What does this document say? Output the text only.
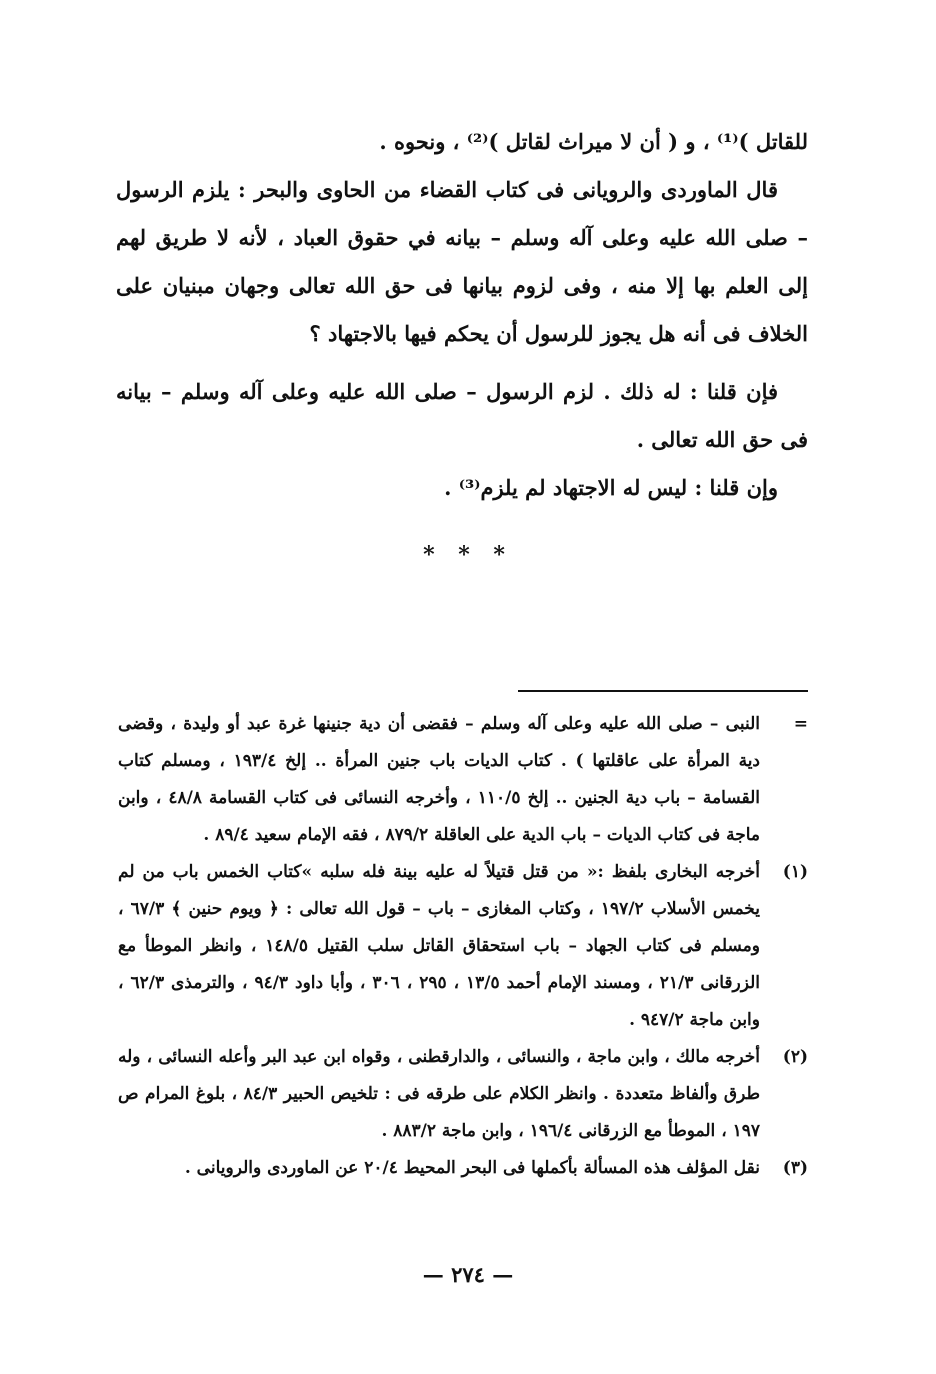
للقاتل )⁽¹⁾ ، و ( أن لا ميراث لقاتل )⁽²⁾ ، ونحوه .

قال الماوردى والرويانى فى كتاب القضاء من الحاوى والبحر : يلزم الرسول – صلى الله عليه وعلى آله وسلم – بيانه في حقوق العباد ، لأنه لا طريق لهم إلى العلم بها إلا منه ، وفى لزوم بيانها فى حق الله تعالى وجهان مبنيان على الخلاف فى أنه هل يجوز للرسول أن يحكم فيها بالاجتهاد ؟

فإن قلنا : له ذلك . لزم الرسول – صلى الله عليه وعلى آله وسلم – بيانه فى حق الله تعالى .

وإن قلنا : ليس له الاجتهاد لم يلزم⁽³⁾ .

* * *
=
النبى – صلى الله عليه وعلى آله وسلم – فقضى أن دية جنينها غرة عبد أو وليدة ، وقضى دية المرأة على عاقلتها ) . كتاب الديات باب جنين المرأة .. إلخ ١٩٣/٤ ، ومسلم كتاب القسامة – باب دية الجنين .. إلخ ١١٠/٥ ، وأخرجه النسائى فى كتاب القسامة ٤٨/٨ ، وابن ماجة فى كتاب الديات – باب الدية على العاقلة ٨٧٩/٢ ، فقه الإمام سعيد ٨٩/٤ .
(١)
أخرجه البخارى بلفظ :« من قتل قتيلاً له عليه بينة فله سلبه »كتاب الخمس باب من لم يخمس الأسلاب ١٩٧/٢ ، وكتاب المغازى – باب – قول الله تعالى : ﴿ ويوم حنين ﴾ ٦٧/٣ ، ومسلم فى كتاب الجهاد – باب استحقاق القاتل سلب القتيل ١٤٨/٥ ، وانظر الموطأ مع الزرقانى ٢١/٣ ، ومسند الإمام أحمد ١٣/٥ ، ٢٩٥ ، ٣٠٦ ، وأبا داود ٩٤/٣ ، والترمذى ٦٢/٣ ، وابن ماجة ٩٤٧/٢ .
(٢)
أخرجه مالك ، وابن ماجة ، والنسائى ، والدارقطنى ، وقواه ابن عبد البر وأعله النسائى ، وله طرق وألفاظ متعددة . وانظر الكلام على طرقه فى : تلخيص الحبير ٨٤/٣ ، بلوغ المرام ص ١٩٧ ، الموطأ مع الزرقانى ١٩٦/٤ ، وابن ماجة ٨٨٣/٢ .
(٣)
نقل المؤلف هذه المسألة بأكملها فى البحر المحيط ٢٠/٤ عن الماوردى والرويانى .
— ٢٧٤ —
